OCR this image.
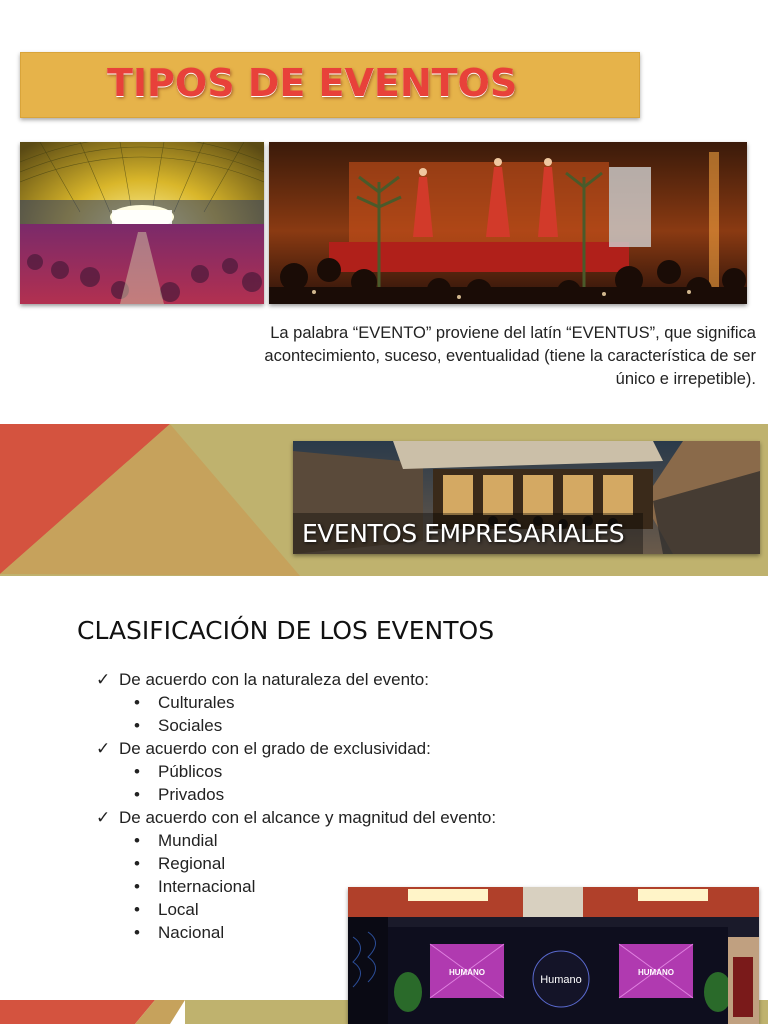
TIPOS DE EVENTOS
La palabra “EVENTO” proviene del latín “EVENTUS”, que significa
acontecimiento, suceso, eventualidad (tiene la característica de ser
único e irrepetible).
EVENTOS EMPRESARIALES
CLASIFICACIÓN DE LOS EVENTOS
✓ De acuerdo con la naturaleza del evento:
• Culturales
• Sociales
✓ De acuerdo con el grado de exclusividad:
• Públicos
• Privados
✓ De acuerdo con el alcance y magnitud del evento:
• Mundial
• Regional
• Internacional
• Local
• Nacional
HUMANO	HUMANO
Humano
